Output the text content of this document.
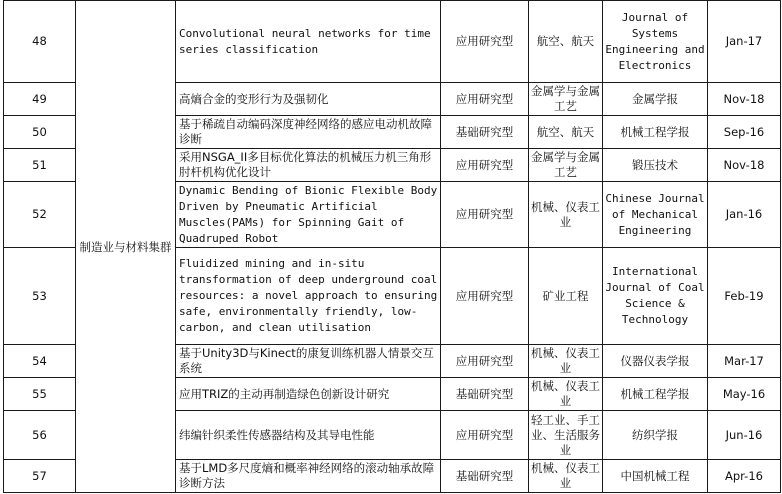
48	制造业与材料集群	Convolutional neural networks for time series classification	应用研究型	航空、航天	Journal of Systems Engineering and Electronics	Jan-17
49		高熵合金的变形行为及强韧化	应用研究型	金属学与金属工艺	金属学报	Nov-18
50		基于稀疏自动编码深度神经网络的感应电动机故障诊断	基础研究型	航空、航天	机械工程学报	Sep-16
51		采用NSGA_II多目标优化算法的机械压力机三角形肘杆机构优化设计	应用研究型	金属学与金属工艺	锻压技术	Nov-18
52		Dynamic Bending of Bionic Flexible Body Driven by Pneumatic Artificial Muscles(PAMs) for Spinning Gait of Quadruped Robot	应用研究型	机械、仪表工业	Chinese Journal of Mechanical Engineering	Jan-16
53		Fluidized mining and in-situ transformation of deep underground coal resources: a novel approach to ensuring safe, environmentally friendly, low-carbon, and clean utilisation	应用研究型	矿业工程	International Journal of Coal Science & Technology	Feb-19
54		基于Unity3D与Kinect的康复训练机器人情景交互系统	应用研究型	机械、仪表工业	仪器仪表学报	Mar-17
55		应用TRIZ的主动再制造绿色创新设计研究	基础研究型	机械、仪表工业	机械工程学报	May-16
56		纬编针织柔性传感器结构及其导电性能	应用研究型	轻工业、手工业、生活服务业	纺织学报	Jun-16
57		基于LMD多尺度熵和概率神经网络的滚动轴承故障诊断方法	基础研究型	机械、仪表工业	中国机械工程	Apr-16
